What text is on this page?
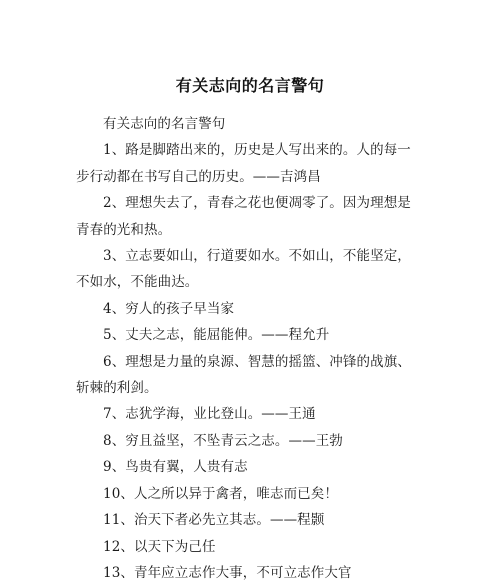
有关志向的名言警句

有关志向的名言警句

1、路是脚踏出来的，历史是人写出来的。人的每一步行动都在书写自己的历史。——吉鸿昌

2、理想失去了，青春之花也便凋零了。因为理想是青春的光和热。

3、立志要如山，行道要如水。不如山，不能坚定，不如水，不能曲达。

4、穷人的孩子早当家

5、丈夫之志，能屈能伸。——程允升

6、理想是力量的泉源、智慧的摇篮、冲锋的战旗、斩棘的利剑。

7、志犹学海，业比登山。——王通

8、穷且益坚，不坠青云之志。——王勃

9、鸟贵有翼，人贵有志

10、人之所以异于禽者，唯志而已矣！

11、治天下者必先立其志。——程颢

12、以天下为己任

13、青年应立志作大事，不可立志作大官
